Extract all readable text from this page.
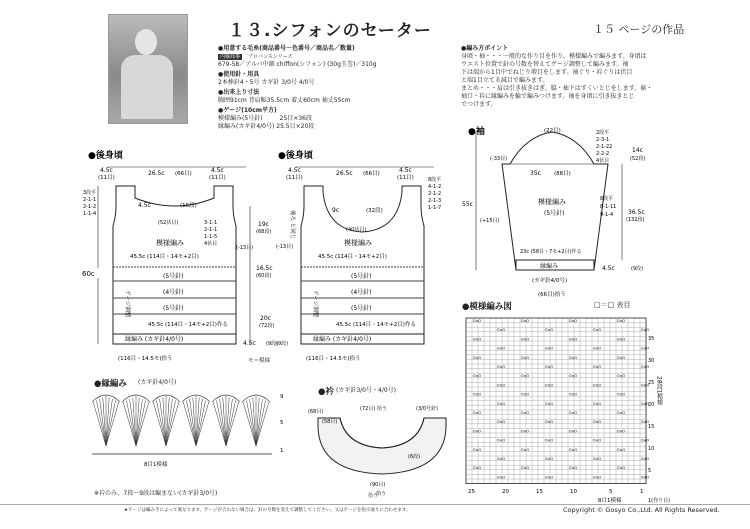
１３.シフォンのセーター	１５ ページの作品
●用意する毛糸(商品番号－色番号／商品名／数量)
内藤商事 プロバンスシリーズ
679-58／アルパ中細 chiffon(シフォン) (30g玉巻)／310g
●使用針・用具
2本棒針4・5号 カギ針 3/0号 4/0号
●出来上り寸法
胸囲91cm 背肩幅35.5cm 着丈60cm 袖丈55cm
●ゲージ(10cm平方)
模様編み(5号針)         25目×36段
縁編み(カギ針4/0号) 25.5目×20段
●編み方ポイント
身頃・袖・・・一般的な作り目を作り、模様編みで編みます。身頃は
ウエスト位置で針の号数を替えてゲージ調整して編みます。袖
下は端から1目中でねじり増目をします。袖ぐり・衿ぐりは伏目
と端1目立てる減目で編みます。
まとめ・・・肩は引き抜きはぎ、脇・袖下はすくいとじをします。裾・
袖口・衿に縁編みを輪で編みつけます。袖を身頃に引き抜きとじ
でつけます。
●後身頃
4.5c
(11目)
26.5c (66目)	4.5c
(11目)
4.5c	(16段)
3段平
2-1-1
2-1-2
1-1-4
3-1-1
2-1-1
1-1-5
4伏目
19c
(68段)
(52伏目)
(-13目)
模様編み
45.5c (114目・14モ+2目)
(5号針)
(4号針)
(5号針)
16.5c
(60段)
ゲージ調整
45.5c (114目・14モ+2目)作る
20c
(72段)
縁編み (カギ針4/0号)
4.5c (9段)
(116目・14.5モ)拾う
60c
●後身頃
4.5c
(11目)
26.5c (66目)	4.5c
(11目)
9c	(32段)
8段平
4-1-2
2-1-2
2-1-3
1-1-7
(40伏目)
後ろ と同じ
(-13目)	模様編み
45.5c (114目・14モ+2目)
(5号針)
(4号針)
(5号針)
ゲージ調整
45.5c (114目・14モ+2目)作る
縁編み (カギ針4/0号)
(9段)
(116目・14.5モ)拾う
モ＝模様
●袖	(22目)	2段平
2-3-1
2-1-22
2-2-2
4伏目
14c
(52段)
(-33目)
35c (88目)
8段平
8-1-11
9-1-4
55c
(+15目)
模様編み
(5号針)	36.5c
(132段)
23c (58目・7モ+2目)作る
縁編み
(カギ針4/0号)
4.5c	(9段)
(66目)拾う
●模様編み図	□＝□ 表目
O∧O	O∧O	O∧O	O∧O
O∧O	O∧O	O∧O	O∧O
O∧O	O∧O	O∧O	O∧O
O∧O	O∧O	O∧O	O∧O
O∧O	O∧O	O∧O	O∧O
O∧O	O∧O	O∧O	O∧O
O∧O	O∧O	O∧O	O∧O
O∧O	O∧O	O∧O	O∧O
O∧O	O∧O	O∧O	O∧O
O∧O	O∧O	O∧O	O∧O
O∧O	O∧O	O∧O	O∧O
O∧O	O∧O	O∧O	O∧O
O∧O	O∧O	O∧O	O∧O
O∧O	O∧O	O∧O	O∧O
O∧O	O∧O	O∧O	O∧O
O∧O	O∧O	O∧O	O∧O
O∧O	O∧O	O∧O	O∧O
O∧O	O∧O	O∧O	O∧O
25	20	15	10	5	1
1(作り目)
8目1模様
28段1模様
35
30
25
20
15
10
5
●縁編み (カギ針4/0号)
9
5
1
8目1模様
※衿のみ、7段～9段は編まない(カギ針3/0号)
●衿 (カギ針3/0号・4/0号)
(68目)
(58目)
(72目) 拾う	(3/0号針)
(90目)
拾う
(6段)
拾う
★ゲージは編み手によって異なります。ゲージが合わない場合は、針の号数を変えて調整してください。又はゲージを指示通りに合わせます。	Copyright © Gosyo Co.,Ltd. All Rights Reserved.
